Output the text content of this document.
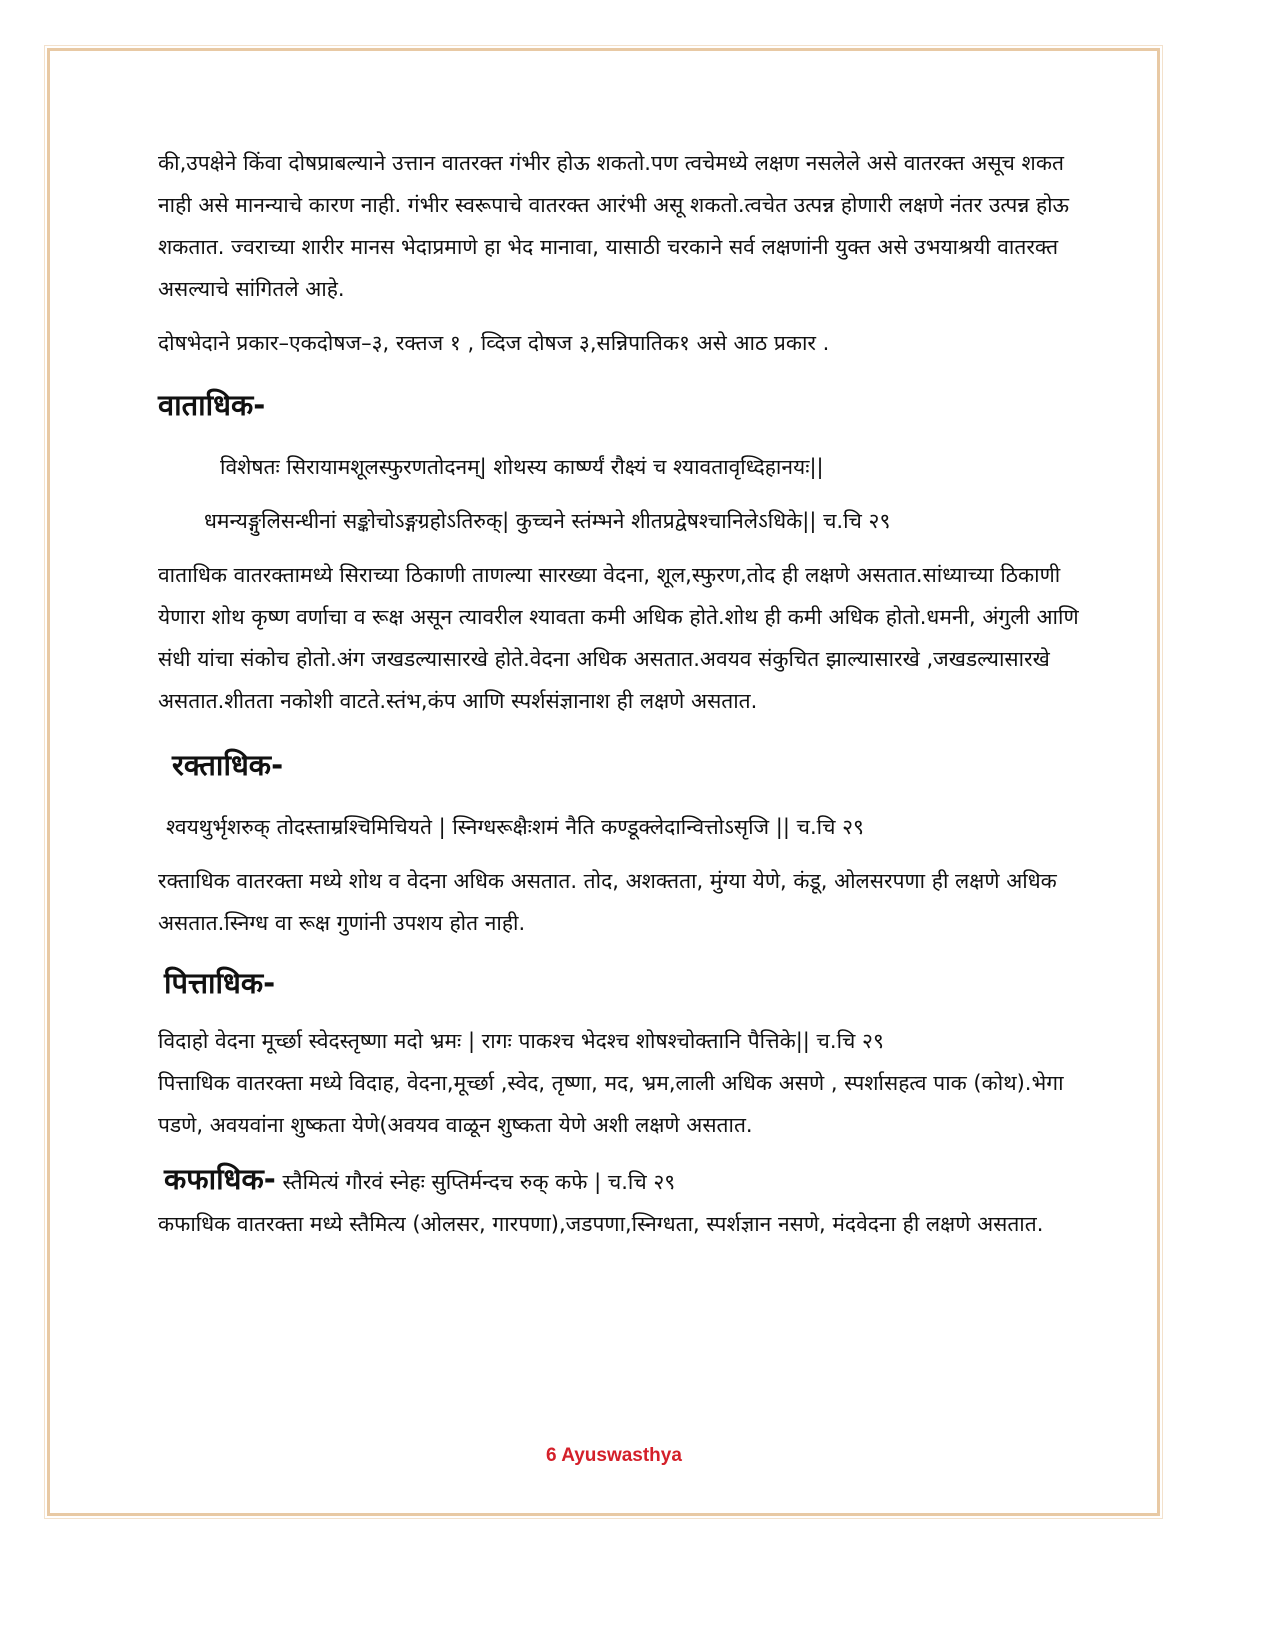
की,उपक्षेने किंवा दोषप्राबल्याने उत्तान वातरक्त गंभीर होऊ शकतो.पण त्वचेमध्ये लक्षण नसलेले असे वातरक्त असूच शकत नाही असे मानन्याचे कारण नाही. गंभीर स्वरूपाचे वातरक्त आरंभी असू शकतो.त्वचेत उत्पन्न होणारी लक्षणे नंतर उत्पन्न होऊ शकतात. ज्वराच्या शारीर मानस भेदाप्रमाणे हा भेद मानावा, यासाठी चरकाने सर्व लक्षणांनी युक्त असे उभयाश्रयी वातरक्त असल्याचे सांगितले आहे.

दोषभेदाने प्रकार–एकदोषज–३, रक्तज १ , व्दिज दोषज ३,सन्निपातिक१ असे आठ प्रकार .

वाताधिक-

विशेषतः सिरायामशूलस्फुरणतोदनम्| शोथस्य कार्ष्ण्यं रौक्ष्यं च श्यावतावृध्दिहानयः||

धमन्यङ्गुलिसन्धीनां सङ्कोचोऽङ्गग्रहोऽतिरुक्| कुच्चने स्तंम्भने शीतप्रद्वेषश्चानिलेऽधिके|| च.चि २९

वाताधिक वातरक्तामध्ये सिराच्या ठिकाणी ताणल्या सारख्या वेदना, शूल,स्फुरण,तोद ही लक्षणे असतात.सांध्याच्या ठिकाणी येणारा शोथ कृष्ण वर्णाचा व रूक्ष असून त्यावरील श्यावता कमी अधिक होते.शोथ ही कमी अधिक होतो.धमनी, अंगुली आणि संधी यांचा संकोच होतो.अंग जखडल्यासारखे होते.वेदना अधिक असतात.अवयव संकुचित झाल्यासारखे ,जखडल्यासारखे असतात.शीतता नकोशी वाटते.स्तंभ,कंप आणि स्पर्शसंज्ञानाश ही लक्षणे असतात.

रक्ताधिक-

श्वयथुर्भृशरुक् तोदस्ताम्रश्चिमिचियते | स्निग्धरूक्षैःशमं नैति कण्डूक्लेदान्वित्तोऽसृजि || च.चि २९

रक्ताधिक वातरक्ता मध्ये शोथ व वेदना अधिक असतात. तोद, अशक्तता, मुंग्या येणे, कंडू, ओलसरपणा ही लक्षणे अधिक असतात.स्निग्ध वा रूक्ष गुणांनी उपशय होत नाही.

पित्ताधिक-

विदाहो वेदना मूर्च्छा स्वेदस्तृष्णा मदो भ्रमः | रागः पाकश्च भेदश्च शोषश्चोक्तानि पैत्तिके|| च.चि २९

पित्ताधिक वातरक्ता मध्ये विदाह, वेदना,मूर्च्छा ,स्वेद, तृष्णा, मद, भ्रम,लाली अधिक असणे , स्पर्शासहत्व पाक (कोथ).भेगा पडणे, अवयवांना शुष्कता येणे(अवयव वाळून शुष्कता येणे अशी लक्षणे असतात.

कफाधिक- स्तैमित्यं गौरवं स्नेहः सुप्तिर्मन्दच रुक् कफे | च.चि २९

कफाधिक वातरक्ता मध्ये स्तैमित्य (ओलसर, गारपणा),जडपणा,स्निग्धता, स्पर्शज्ञान नसणे, मंदवेदना ही लक्षणे असतात.

6 Ayuswasthya
